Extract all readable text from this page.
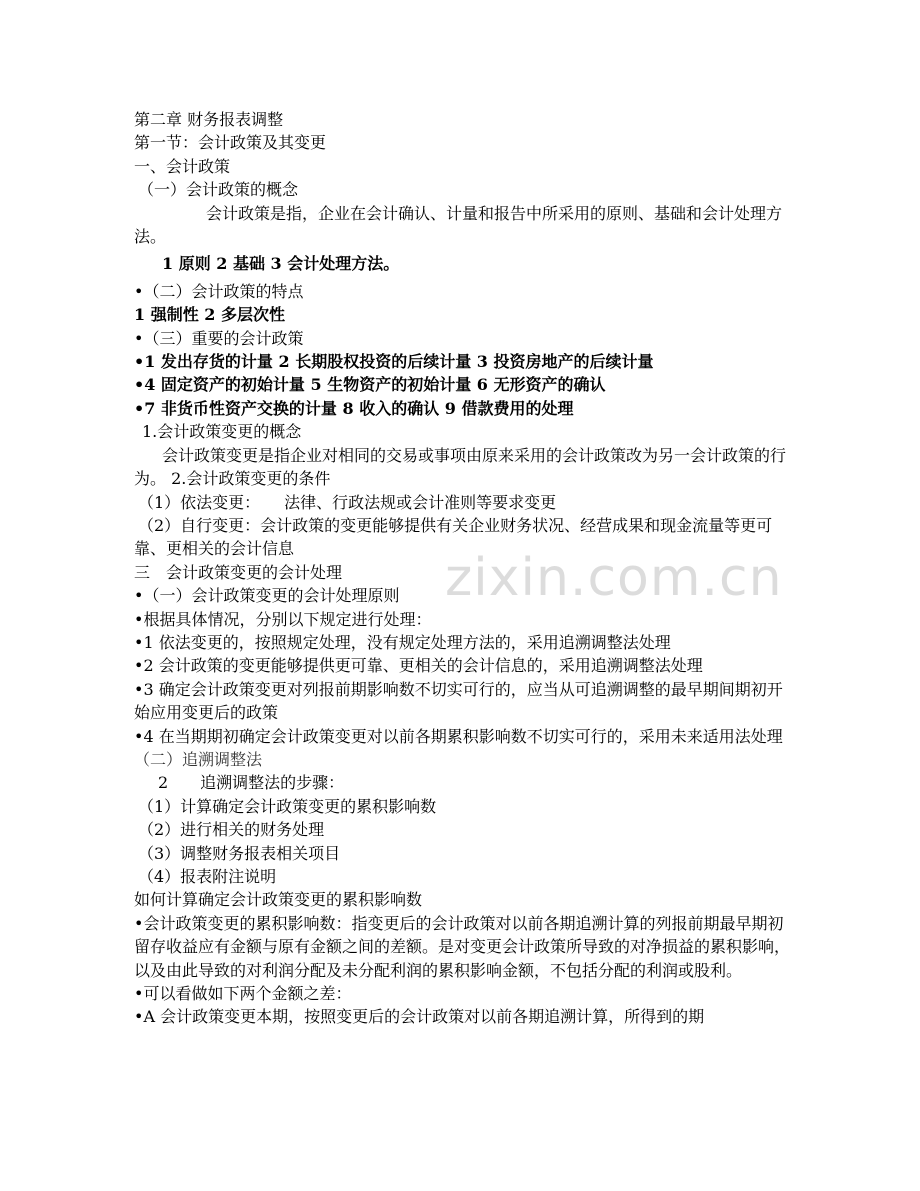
zixin.com.cn
第二章 财务报表调整
第一节：会计政策及其变更
一、会计政策
（一）会计政策的概念
会计政策是指，企业在会计确认、计量和报告中所采用的原则、基础和会计处理方法。
1 原则 2 基础 3 会计处理方法。
•（二）会计政策的特点
1 强制性 2 多层次性
•（三）重要的会计政策
•1 发出存货的计量 2 长期股权投资的后续计量 3 投资房地产的后续计量
•4 固定资产的初始计量 5 生物资产的初始计量 6 无形资产的确认
•7 非货币性资产交换的计量 8 收入的确认 9 借款费用的处理
1.会计政策变更的概念
会计政策变更是指企业对相同的交易或事项由原来采用的会计政策改为另一会计政策的行为。 2.会计政策变更的条件
（1）依法变更：　　法律、行政法规或会计准则等要求变更
（2）自行变更：会计政策的变更能够提供有关企业财务状况、经营成果和现金流量等更可靠、更相关的会计信息
三　会计政策变更的会计处理
•（一）会计政策变更的会计处理原则
•根据具体情况，分别以下规定进行处理：
•1 依法变更的，按照规定处理，没有规定处理方法的，采用追溯调整法处理
•2 会计政策的变更能够提供更可靠、更相关的会计信息的，采用追溯调整法处理
•3 确定会计政策变更对列报前期影响数不切实可行的，应当从可追溯调整的最早期间期初开始应用变更后的政策
•4 在当期期初确定会计政策变更对以前各期累积影响数不切实可行的，采用未来适用法处理
（二）追溯调整法
2　　追溯调整法的步骤：
（1）计算确定会计政策变更的累积影响数
（2）进行相关的财务处理
（3）调整财务报表相关项目
（4）报表附注说明
如何计算确定会计政策变更的累积影响数
•会计政策变更的累积影响数：指变更后的会计政策对以前各期追溯计算的列报前期最早期初留存收益应有金额与原有金额之间的差额。是对变更会计政策所导致的对净损益的累积影响，以及由此导致的对利润分配及未分配利润的累积影响金额，不包括分配的利润或股利。
•可以看做如下两个金额之差：
•A 会计政策变更本期，按照变更后的会计政策对以前各期追溯计算，所得到的期
